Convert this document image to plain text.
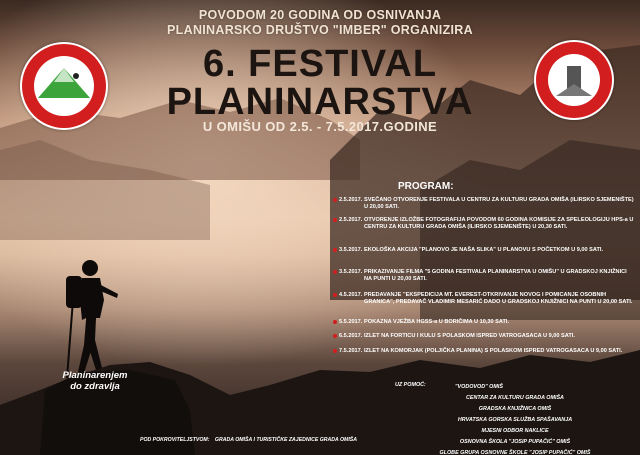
POVODOM 20 GODINA OD OSNIVANJA
PLANINARSKO DRUŠTVO "IMBER" ORGANIZIRA
6. FESTIVAL
PLANINARSTVA
U OMIŠU OD 2.5. - 7.5.2017.GODINE
PROGRAM:
2.5.2017. SVEČANO OTVORENJE FESTIVALA U CENTRU ZA KULTURU GRADA OMIŠA (ILIRSKO SJEMENIŠTE) U 20,00 SATI.
2.5.2017. OTVORENJE IZLOŽBE FOTOGRAFIJA POVODOM 60 GODINA KOMISIJE ZA SPELEOLOGIJU HPS-a U CENTRU ZA KULTURU GRADA OMIŠA (ILIRSKO SJEMENIŠTE) U 20,30 SATI.
3.5.2017. EKOLOŠKA AKCIJA "PLANOVO JE NAŠA SLIKA" U PLANOVU S POČETKOM U 9,00 SATI.
3.5.2017. PRIKAZIVANJE FILMA "5 GODINA FESTIVALA PLANINARSTVA U OMIŠU" U GRADSKOJ KNJIŽNICI NA PUNTI U 20,00 SATI.
4.5.2017. PREDAVANJE "EKSPEDICIJA MT. EVEREST-OTKRIVANJE NOVOG I POMICANJE OSOBNIH GRANICA", PREDAVAČ VLADIMIR MESARIĆ DADO U GRADSKOJ KNJIŽNICI NA PUNTI U 20,00 SATI.
5.5.2017. POKAZNA VJEŽBA HGSS-a U BORIČIMA U 10,30 SATI.
6.5.2017. IZLET NA FORTICU I KULU S POLASKOM ISPRED VATROGASACA U 9,00 SATI.
7.5.2017. IZLET NA KOMORJAK (POLJIČKA PLANINA) S POLASKOM ISPRED VATROGASACA U 9,00 SATI.
Planinarenjem do zdravlja
POD POKROVITELJSTVOM: GRADA OMIŠA I TURISTIČKE ZAJEDNICE GRADA OMIŠA
UZ POMOĆ:	"VODOVOD" OMIŠ
CENTAR ZA KULTURU GRADA OMIŠA
GRADSKA KNJIŽNICA OMIŠ
HRVATSKA GORSKA SLUŽBA SPAŠAVANJA
MJESNI ODBOR NAKLICE
OSNOVNA ŠKOLA "JOSIP PUPAČIĆ" OMIŠ
GLOBE GRUPA OSNOVNE ŠKOLE "JOSIP PUPAČIĆ" OMIŠ
